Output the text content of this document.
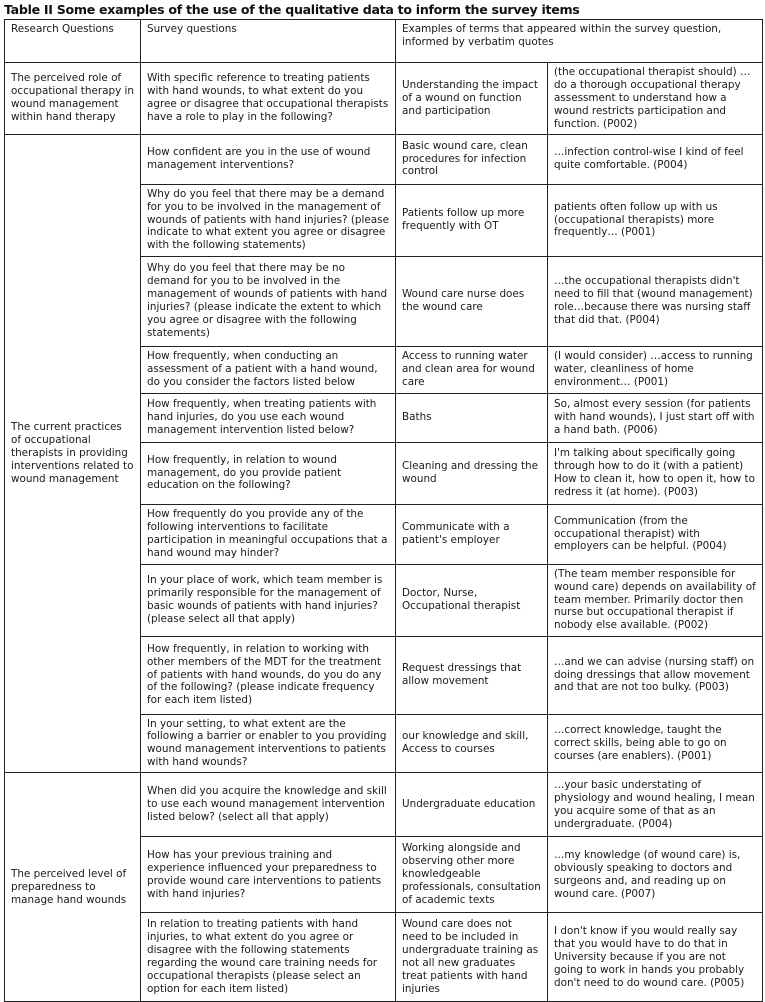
Table II Some examples of the use of the qualitative data to inform the survey items
Research Questions	Survey questions	Examples of terms that appeared within the survey question, informed by verbatim quotes	
The perceived role of occupational therapy in wound management within hand therapy	With specific reference to treating patients with hand wounds, to what extent do you agree or disagree that occupational therapists have a role to play in the following?	Understanding the impact of a wound on function and participation	(the occupational therapist should) … do a thorough occupational therapy assessment to understand how a wound restricts participation and function. (P002)
The current practices of occupational therapists in providing interventions related to wound management	How confident are you in the use of wound management interventions?	Basic wound care, clean procedures for infection control	…infection control-wise I kind of feel quite comfortable. (P004)
	Why do you feel that there may be a demand for you to be involved in the management of wounds of patients with hand injuries? (please indicate to what extent you agree or disagree with the following statements)	Patients follow up more frequently with OT	patients often follow up with us (occupational therapists) more frequently… (P001)
	Why do you feel that there may be no demand for you to be involved in the management of wounds of patients with hand injuries? (please indicate the extent to which you agree or disagree with the following statements)	Wound care nurse does the wound care	…the occupational therapists didn't need to fill that (wound management) role…because there was nursing staff that did that. (P004)
	How frequently, when conducting an assessment of a patient with a hand wound, do you consider the factors listed below	Access to running water and clean area for wound care	(I would consider) …access to running water, cleanliness of home environment… (P001)
	How frequently, when treating patients with hand injuries, do you use each wound management intervention listed below?	Baths	So, almost every session (for patients with hand wounds), I just start off with a hand bath. (P006)
	How frequently, in relation to wound management, do you provide patient education on the following?	Cleaning and dressing the wound	I'm talking about specifically going through how to do it (with a patient) How to clean it, how to open it, how to redress it (at home). (P003)
	How frequently do you provide any of the following interventions to facilitate participation in meaningful occupations that a hand wound may hinder?	Communicate with a patient's employer	Communication (from the occupational therapist) with employers can be helpful. (P004)
	In your place of work, which team member is primarily responsible for the management of basic wounds of patients with hand injuries? (please select all that apply)	Doctor, Nurse, Occupational therapist	(The team member responsible for wound care) depends on availability of team member. Primarily doctor then nurse but occupational therapist if nobody else available. (P002)
	How frequently, in relation to working with other members of the MDT for the treatment of patients with hand wounds, do you do any of the following? (please indicate frequency for each item listed)	Request dressings that allow movement	…and we can advise (nursing staff) on doing dressings that allow movement and that are not too bulky. (P003)
	In your setting, to what extent are the following a barrier or enabler to you providing wound management interventions to patients with hand wounds?	our knowledge and skill, Access to courses	…correct knowledge, taught the correct skills, being able to go on courses (are enablers). (P001)
The perceived level of preparedness to manage hand wounds	When did you acquire the knowledge and skill to use each wound management intervention listed below? (select all that apply)	Undergraduate education	…your basic understating of physiology and wound healing, I mean you acquire some of that as an undergraduate. (P004)
	How has your previous training and experience influenced your preparedness to provide wound care interventions to patients with hand injuries?	Working alongside and observing other more knowledgeable professionals, consultation of academic texts	…my knowledge (of wound care) is, obviously speaking to doctors and surgeons and, and reading up on wound care. (P007)
	In relation to treating patients with hand injuries, to what extent do you agree or disagree with the following statements regarding the wound care training needs for occupational therapists (please select an option for each item listed)	Wound care does not need to be included in undergraduate training as not all new graduates treat patients with hand injuries	I don't know if you would really say that you would have to do that in University because if you are not going to work in hands you probably don't need to do wound care. (P005)
